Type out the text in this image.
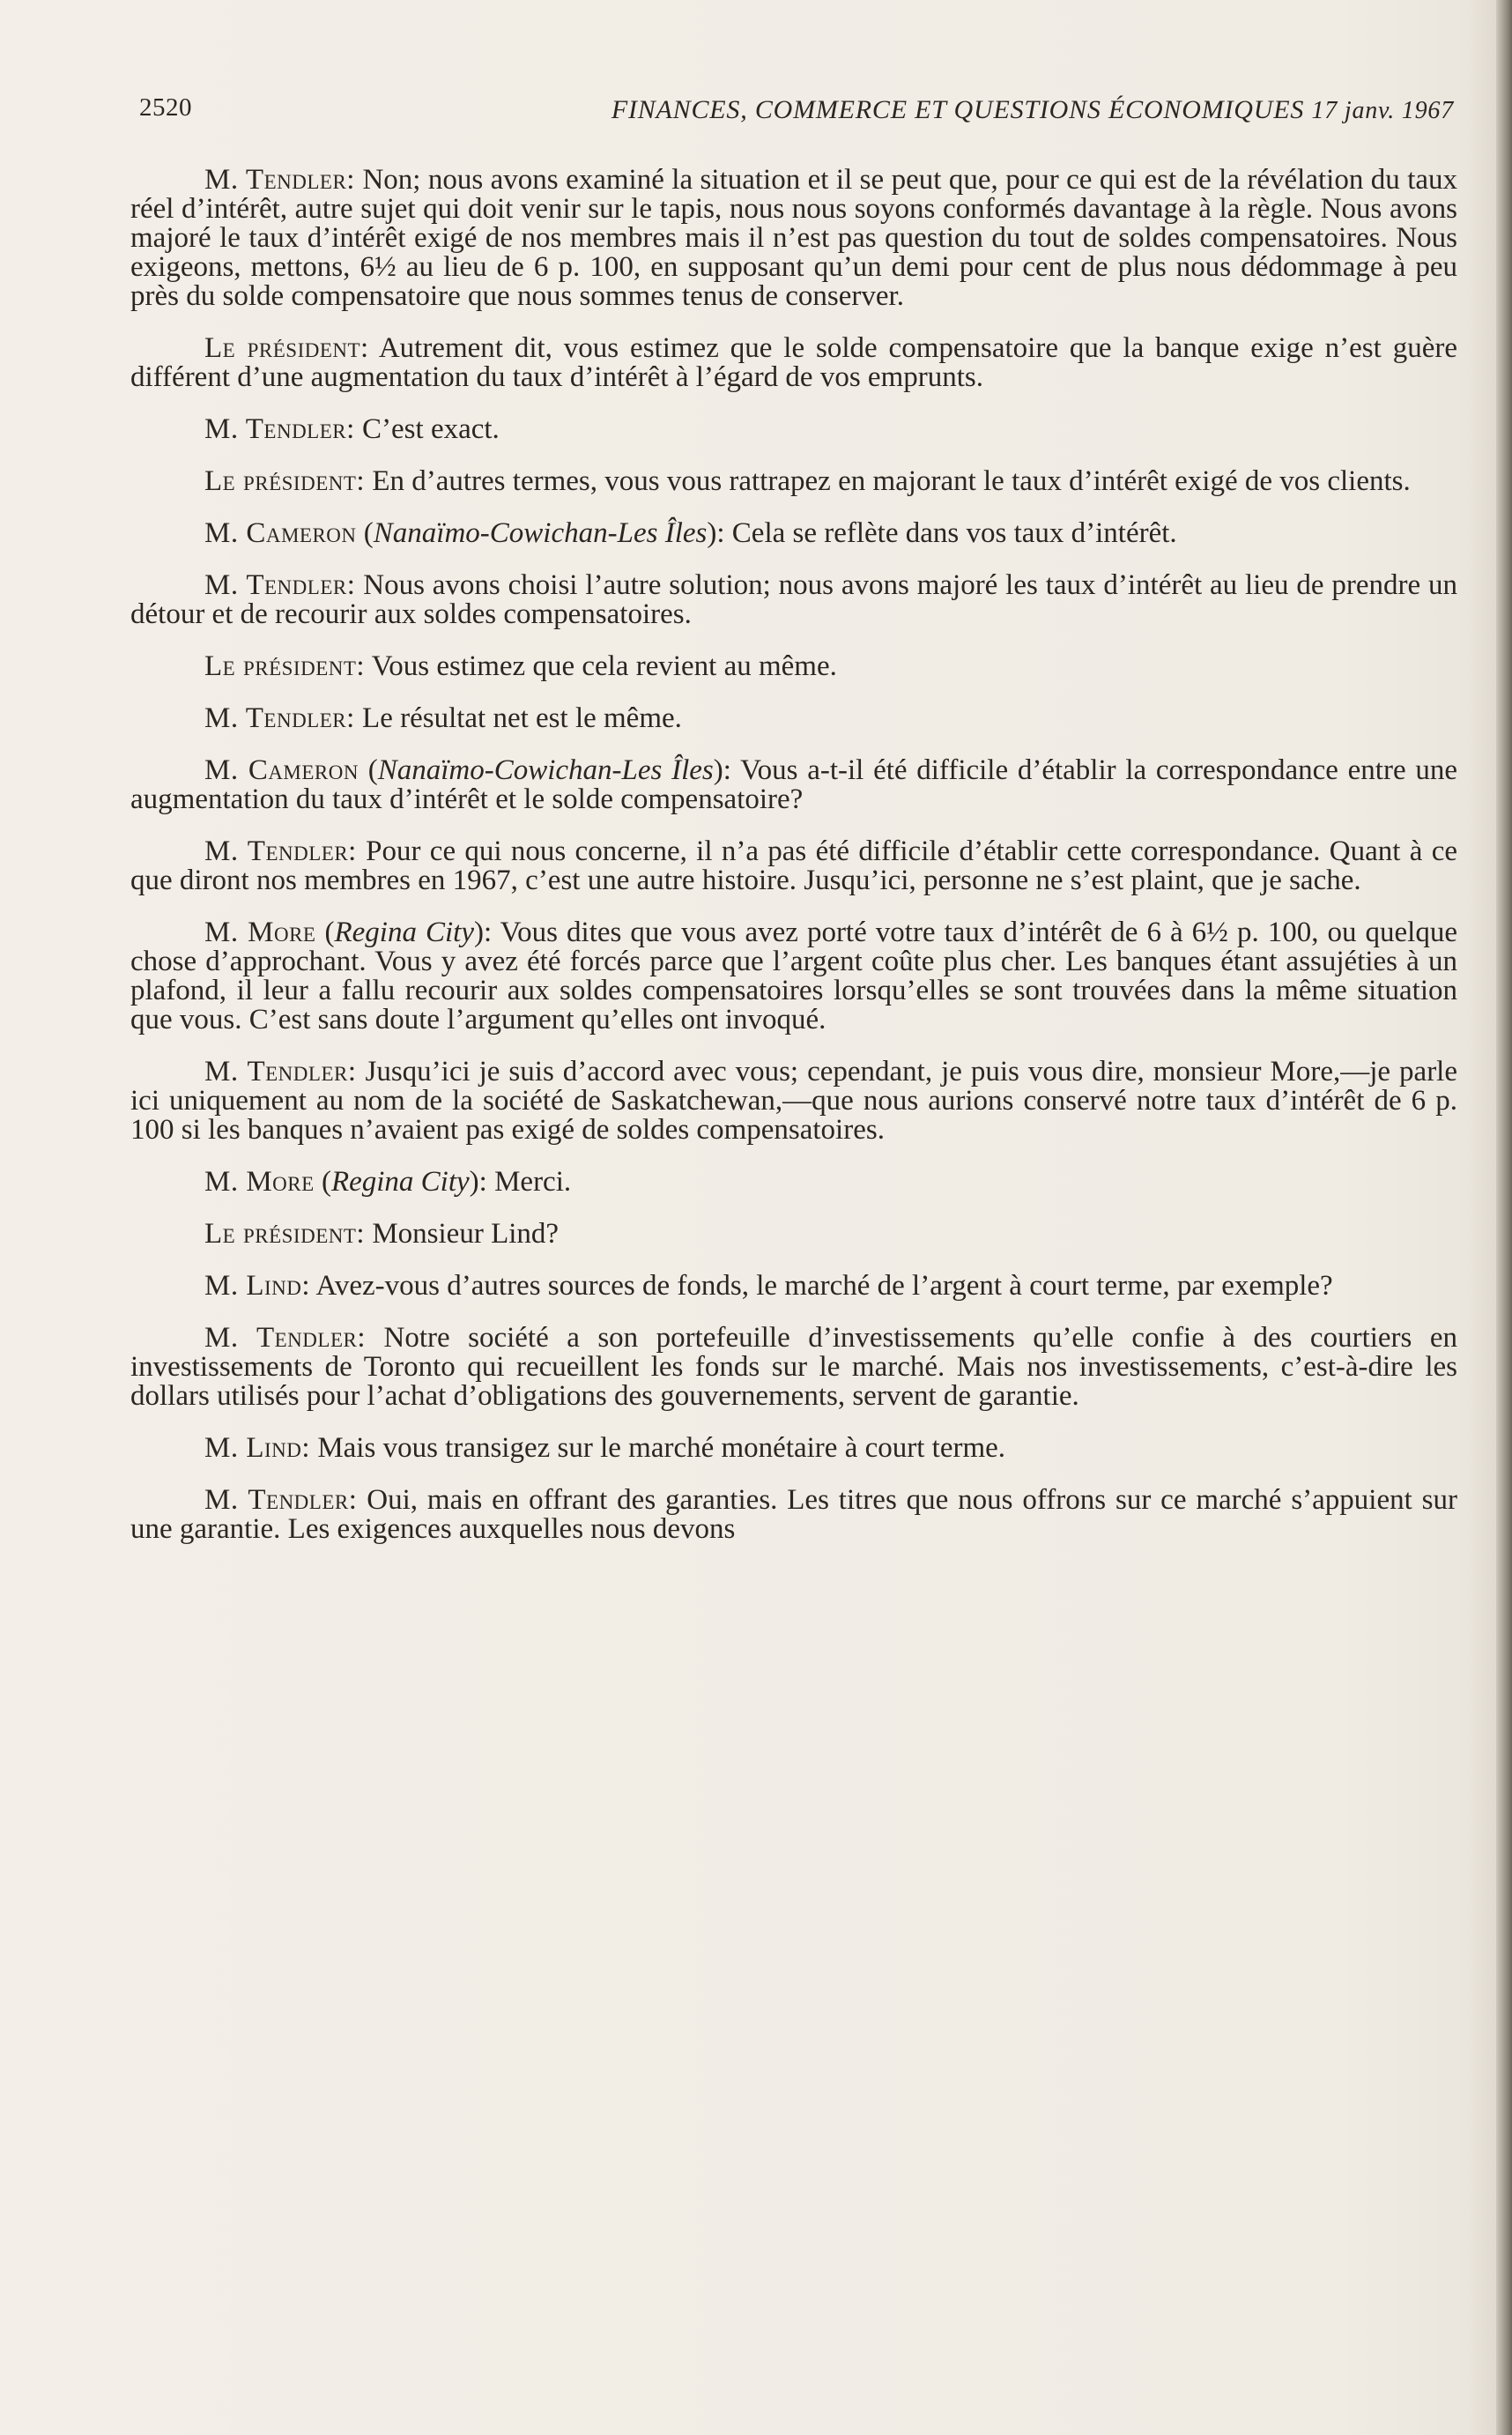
2520	FINANCES, COMMERCE ET QUESTIONS ÉCONOMIQUES 17 janv. 1967

M. Tendler: Non; nous avons examiné la situation et il se peut que, pour ce qui est de la révélation du taux réel d’intérêt, autre sujet qui doit venir sur le tapis, nous nous soyons conformés davantage à la règle. Nous avons majoré le taux d’intérêt exigé de nos membres mais il n’est pas question du tout de soldes compensatoires. Nous exigeons, mettons, 6½ au lieu de 6 p. 100, en supposant qu’un demi pour cent de plus nous dédommage à peu près du solde compensatoire que nous sommes tenus de conserver.

Le président: Autrement dit, vous estimez que le solde compensatoire que la banque exige n’est guère différent d’une augmentation du taux d’intérêt à l’égard de vos emprunts.

M. Tendler: C’est exact.

Le président: En d’autres termes, vous vous rattrapez en majorant le taux d’intérêt exigé de vos clients.

M. Cameron (Nanaïmo-Cowichan-Les Îles): Cela se reflète dans vos taux d’intérêt.

M. Tendler: Nous avons choisi l’autre solution; nous avons majoré les taux d’intérêt au lieu de prendre un détour et de recourir aux soldes compensatoires.

Le président: Vous estimez que cela revient au même.

M. Tendler: Le résultat net est le même.

M. Cameron (Nanaïmo-Cowichan-Les Îles): Vous a-t-il été difficile d’établir la correspondance entre une augmentation du taux d’intérêt et le solde compensatoire?

M. Tendler: Pour ce qui nous concerne, il n’a pas été difficile d’établir cette correspondance. Quant à ce que diront nos membres en 1967, c’est une autre histoire. Jusqu’ici, personne ne s’est plaint, que je sache.

M. More (Regina City): Vous dites que vous avez porté votre taux d’intérêt de 6 à 6½ p. 100, ou quelque chose d’approchant. Vous y avez été forcés parce que l’argent coûte plus cher. Les banques étant assujéties à un plafond, il leur a fallu recourir aux soldes compensatoires lorsqu’elles se sont trouvées dans la même situation que vous. C’est sans doute l’argument qu’elles ont invoqué.

M. Tendler: Jusqu’ici je suis d’accord avec vous; cependant, je puis vous dire, monsieur More,—je parle ici uniquement au nom de la société de Saskatchewan,—que nous aurions conservé notre taux d’intérêt de 6 p. 100 si les banques n’avaient pas exigé de soldes compensatoires.

M. More (Regina City): Merci.

Le président: Monsieur Lind?

M. Lind: Avez-vous d’autres sources de fonds, le marché de l’argent à court terme, par exemple?

M. Tendler: Notre société a son portefeuille d’investissements qu’elle confie à des courtiers en investissements de Toronto qui recueillent les fonds sur le marché. Mais nos investissements, c’est-à-dire les dollars utilisés pour l’achat d’obligations des gouvernements, servent de garantie.

M. Lind: Mais vous transigez sur le marché monétaire à court terme.

M. Tendler: Oui, mais en offrant des garanties. Les titres que nous offrons sur ce marché s’appuient sur une garantie. Les exigences auxquelles nous devons
